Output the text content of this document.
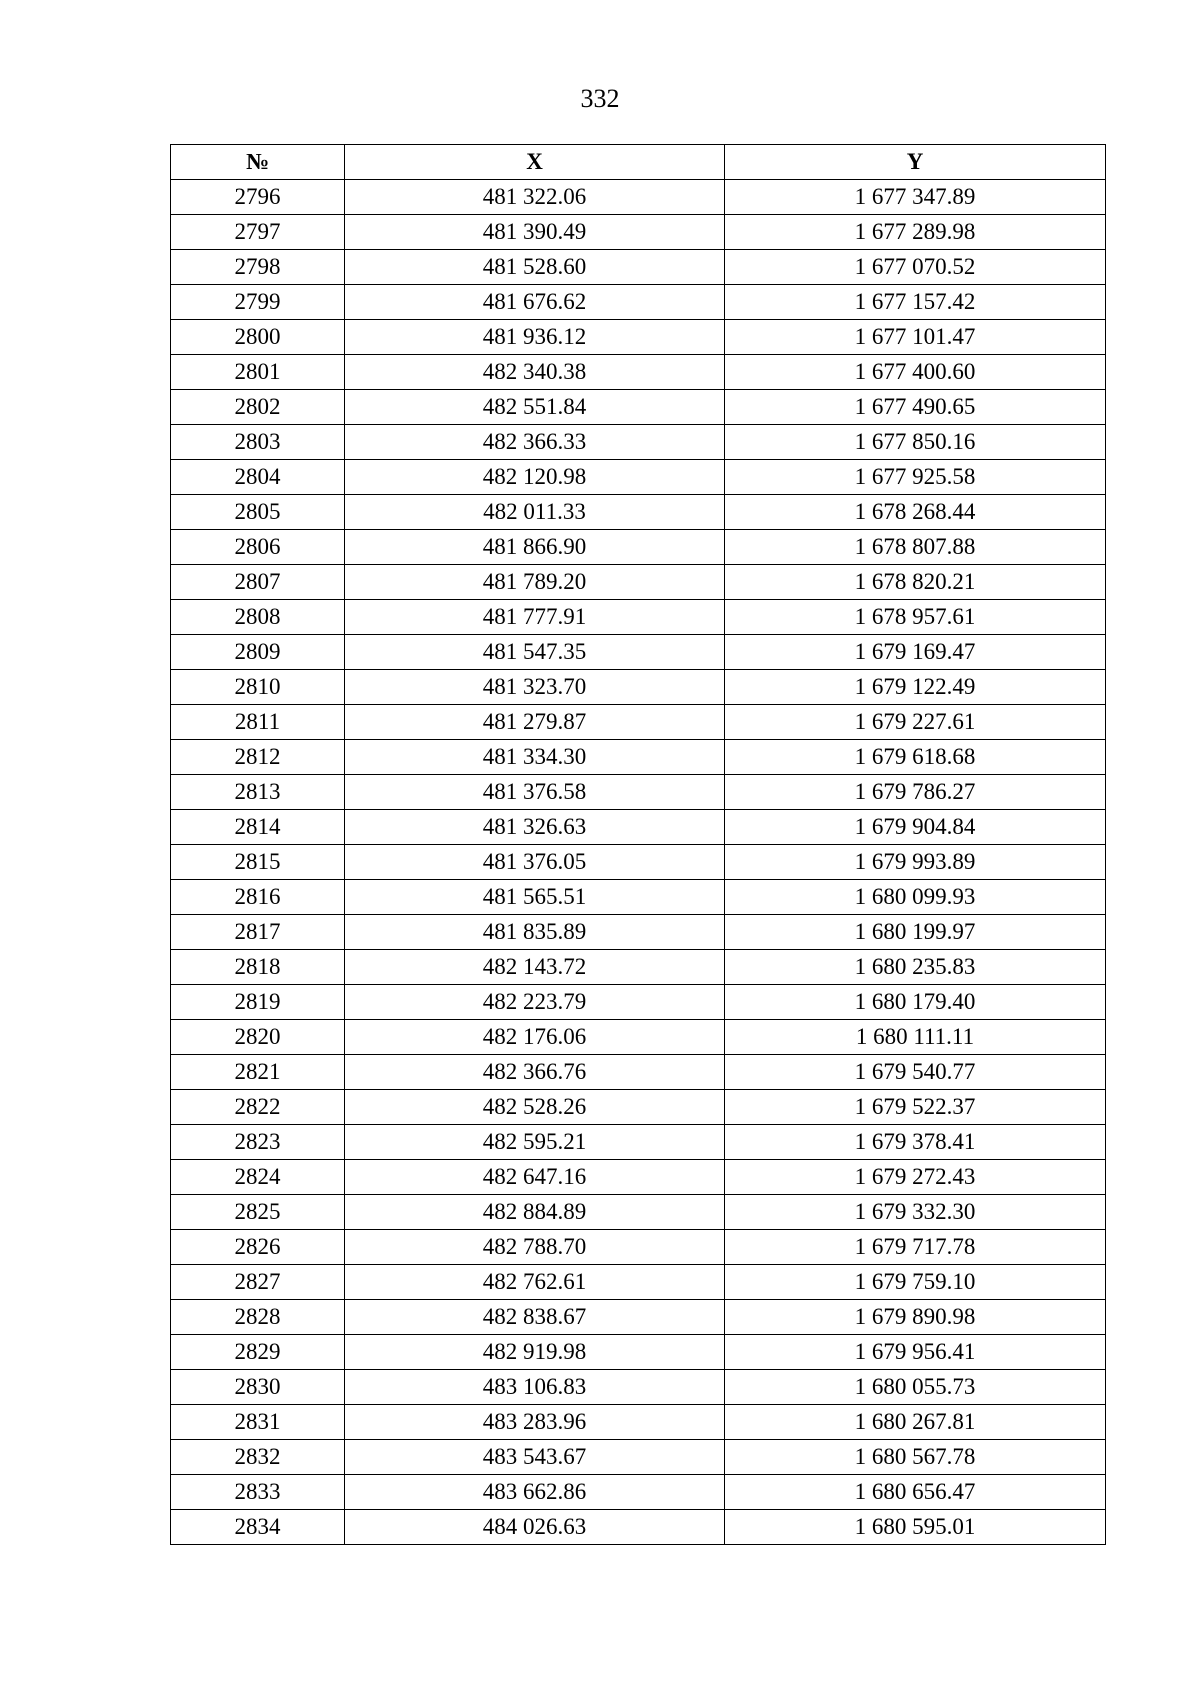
332
№	X	Y
2796	481 322.06	1 677 347.89
2797	481 390.49	1 677 289.98
2798	481 528.60	1 677 070.52
2799	481 676.62	1 677 157.42
2800	481 936.12	1 677 101.47
2801	482 340.38	1 677 400.60
2802	482 551.84	1 677 490.65
2803	482 366.33	1 677 850.16
2804	482 120.98	1 677 925.58
2805	482 011.33	1 678 268.44
2806	481 866.90	1 678 807.88
2807	481 789.20	1 678 820.21
2808	481 777.91	1 678 957.61
2809	481 547.35	1 679 169.47
2810	481 323.70	1 679 122.49
2811	481 279.87	1 679 227.61
2812	481 334.30	1 679 618.68
2813	481 376.58	1 679 786.27
2814	481 326.63	1 679 904.84
2815	481 376.05	1 679 993.89
2816	481 565.51	1 680 099.93
2817	481 835.89	1 680 199.97
2818	482 143.72	1 680 235.83
2819	482 223.79	1 680 179.40
2820	482 176.06	1 680 111.11
2821	482 366.76	1 679 540.77
2822	482 528.26	1 679 522.37
2823	482 595.21	1 679 378.41
2824	482 647.16	1 679 272.43
2825	482 884.89	1 679 332.30
2826	482 788.70	1 679 717.78
2827	482 762.61	1 679 759.10
2828	482 838.67	1 679 890.98
2829	482 919.98	1 679 956.41
2830	483 106.83	1 680 055.73
2831	483 283.96	1 680 267.81
2832	483 543.67	1 680 567.78
2833	483 662.86	1 680 656.47
2834	484 026.63	1 680 595.01
